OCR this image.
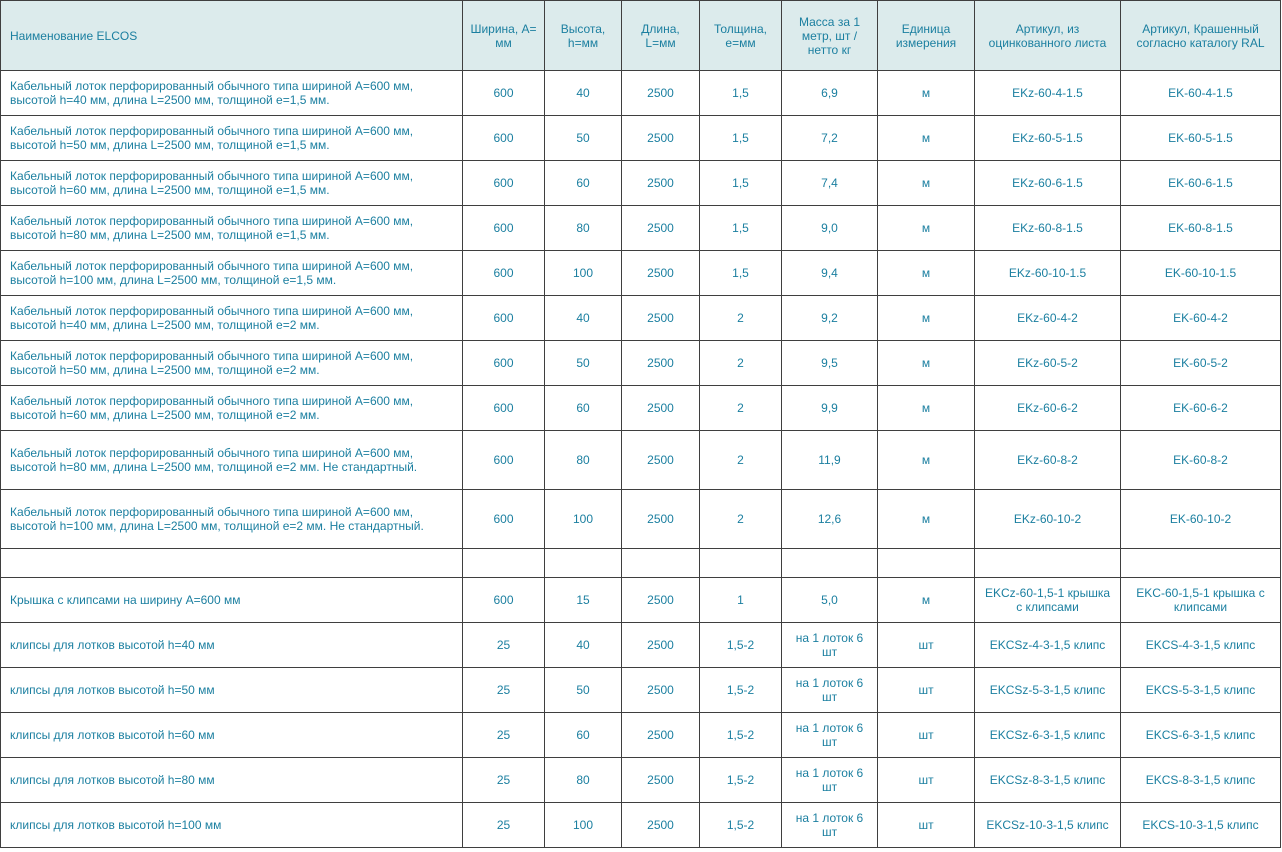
Наименование ELCOS	Ширина, А= мм	Высота, h=мм	Длина, L=мм	Толщина, e=мм	Масса за 1 метр, шт / нетто кг	Единица измерения	Артикул, из оцинкованного листа	Артикул, Крашенный согласно каталогу RAL
Кабельный лоток перфорированный обычного типа шириной А=600 мм, высотой h=40 мм, длина L=2500 мм, толщиной е=1,5 мм.	600	40	2500	1,5	6,9	м	EKz-60-4-1.5	EK-60-4-1.5
Кабельный лоток перфорированный обычного типа шириной А=600 мм, высотой h=50 мм, длина L=2500 мм, толщиной е=1,5 мм.	600	50	2500	1,5	7,2	м	EKz-60-5-1.5	EK-60-5-1.5
Кабельный лоток перфорированный обычного типа шириной А=600 мм, высотой h=60 мм, длина L=2500 мм, толщиной е=1,5 мм.	600	60	2500	1,5	7,4	м	EKz-60-6-1.5	EK-60-6-1.5
Кабельный лоток перфорированный обычного типа шириной А=600 мм, высотой h=80 мм, длина L=2500 мм, толщиной е=1,5 мм.	600	80	2500	1,5	9,0	м	EKz-60-8-1.5	EK-60-8-1.5
Кабельный лоток перфорированный обычного типа шириной А=600 мм, высотой h=100 мм, длина L=2500 мм, толщиной е=1,5 мм.	600	100	2500	1,5	9,4	м	EKz-60-10-1.5	EK-60-10-1.5
Кабельный лоток перфорированный обычного типа шириной А=600 мм, высотой h=40 мм, длина L=2500 мм, толщиной е=2 мм.	600	40	2500	2	9,2	м	EKz-60-4-2	EK-60-4-2
Кабельный лоток перфорированный обычного типа шириной А=600 мм, высотой h=50 мм, длина L=2500 мм, толщиной е=2 мм.	600	50	2500	2	9,5	м	EKz-60-5-2	EK-60-5-2
Кабельный лоток перфорированный обычного типа шириной А=600 мм, высотой h=60 мм, длина L=2500 мм, толщиной е=2 мм.	600	60	2500	2	9,9	м	EKz-60-6-2	EK-60-6-2
Кабельный лоток перфорированный обычного типа шириной А=600 мм, высотой h=80 мм, длина L=2500 мм, толщиной е=2 мм. Не стандартный.	600	80	2500	2	11,9	м	EKz-60-8-2	EK-60-8-2
Кабельный лоток перфорированный обычного типа шириной А=600 мм, высотой h=100 мм, длина L=2500 мм, толщиной е=2 мм. Не стандартный.	600	100	2500	2	12,6	м	EKz-60-10-2	EK-60-10-2

Крышка с клипсами на ширину А=600 мм	600	15	2500	1	5,0	м	EKCz-60-1,5-1 крышка с клипсами	EKC-60-1,5-1 крышка с клипсами
клипсы для лотков высотой h=40 мм	25	40	2500	1,5-2	на 1 лоток 6 шт	шт	EKCSz-4-3-1,5 клипс	EKCS-4-3-1,5 клипс
клипсы для лотков высотой h=50 мм	25	50	2500	1,5-2	на 1 лоток 6 шт	шт	EKCSz-5-3-1,5 клипс	EKCS-5-3-1,5 клипс
клипсы для лотков высотой h=60 мм	25	60	2500	1,5-2	на 1 лоток 6 шт	шт	EKCSz-6-3-1,5 клипс	EKCS-6-3-1,5 клипс
клипсы для лотков высотой h=80 мм	25	80	2500	1,5-2	на 1 лоток 6 шт	шт	EKCSz-8-3-1,5 клипс	EKCS-8-3-1,5 клипс
клипсы для лотков высотой h=100 мм	25	100	2500	1,5-2	на 1 лоток 6 шт	шт	EKCSz-10-3-1,5 клипс	EKCS-10-3-1,5 клипс
